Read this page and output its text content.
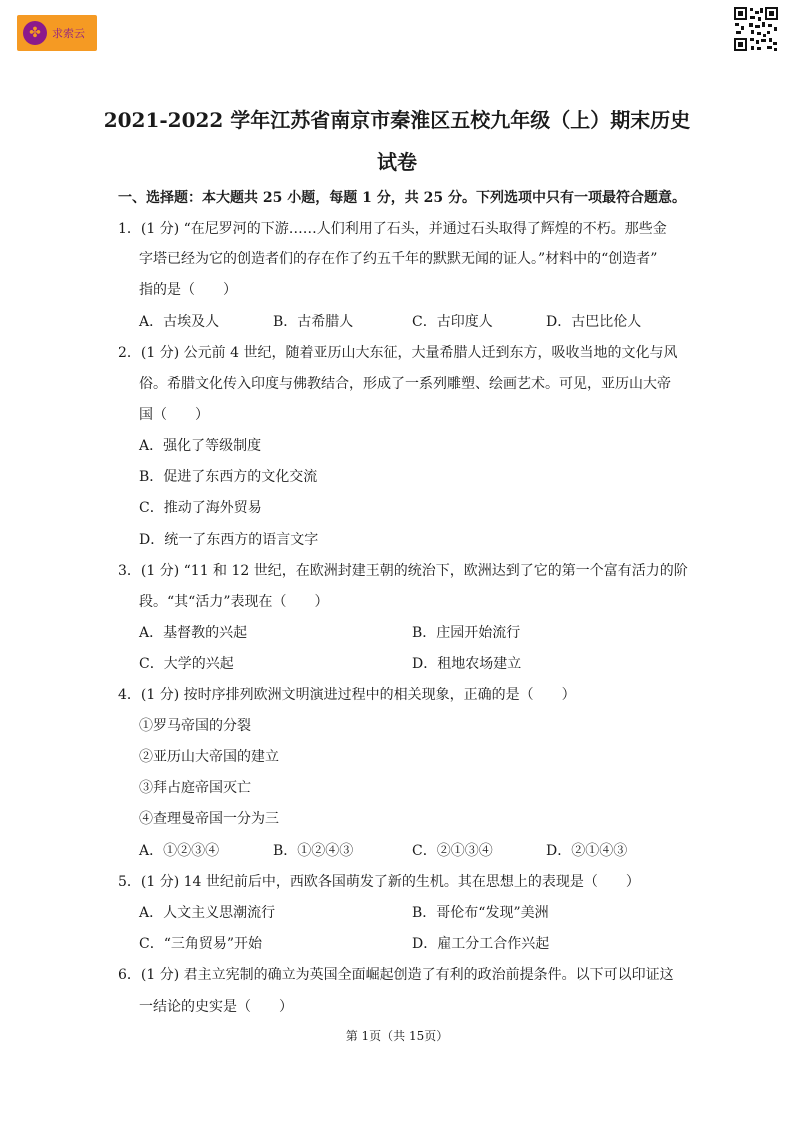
✤	求索云
2021-2022 学年江苏省南京市秦淮区五校九年级（上）期末历史
试卷
一、选择题：本大题共 25 小题，每题 1 分，共 25 分。下列选项中只有一项最符合题意。
1．(1 分) “在尼罗河的下游……人们利用了石头，并通过石头取得了辉煌的不朽。那些金
字塔已经为它的创造者们的存在作了约五千年的默默无闻的证人。”材料中的“创造者”
指的是（　　）
A．古埃及人	B．古希腊人	C．古印度人	D．古巴比伦人
2．(1 分) 公元前 4 世纪，随着亚历山大东征，大量希腊人迁到东方，吸收当地的文化与风
俗。希腊文化传入印度与佛教结合，形成了一系列雕塑、绘画艺术。可见，亚历山大帝
国（　　）
A．强化了等级制度
B．促进了东西方的文化交流
C．推动了海外贸易
D．统一了东西方的语言文字
3．(1 分) “11 和 12 世纪，在欧洲封建王朝的统治下，欧洲达到了它的第一个富有活力的阶
段。“其“活力”表现在（　　）
A．基督教的兴起	B．庄园开始流行
C．大学的兴起	D．租地农场建立
4．(1 分) 按时序排列欧洲文明演进过程中的相关现象，正确的是（　　）
①罗马帝国的分裂
②亚历山大帝国的建立
③拜占庭帝国灭亡
④查理曼帝国一分为三
A．①②③④	B．①②④③	C．②①③④	D．②①④③
5．(1 分) 14 世纪前后中，西欧各国萌发了新的生机。其在思想上的表现是（　　）
A．人文主义思潮流行	B．哥伦布“发现”美洲
C．“三角贸易”开始	D．雇工分工合作兴起
6．(1 分) 君主立宪制的确立为英国全面崛起创造了有利的政治前提条件。以下可以印证这
一结论的史实是（　　）
第 1页（共 15页）
